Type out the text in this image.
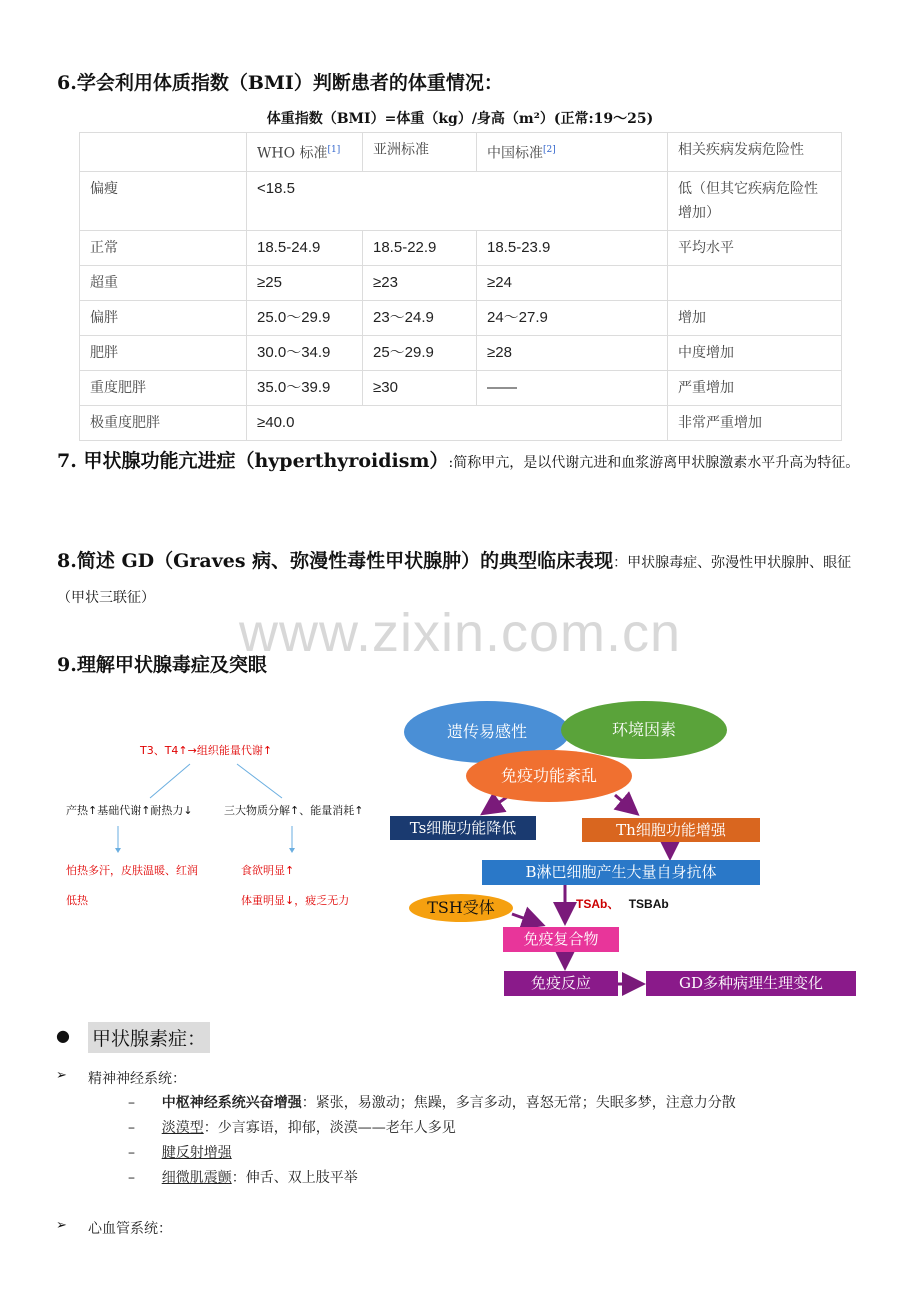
6.学会利用体质指数（BMI）判断患者的体重情况：
体重指数（BMI）=体重（kg）/身高（m²）(正常:19～25)
	WHO 标准[1]	亚洲标准	中国标准[2]	相关疾病发病危险性
偏瘦	<18.5			低（但其它疾病危险性增加）
正常	18.5-24.9	18.5-22.9	18.5-23.9	平均水平
超重	≥25	≥23	≥24	
偏胖	25.0～29.9	23～24.9	24～27.9	增加
肥胖	30.0～34.9	25～29.9	≥28	中度增加
重度肥胖	35.0～39.9	≥30	——	严重增加
极重度肥胖	≥40.0			非常严重增加
7. 甲状腺功能亢进症（hyperthyroidism）:简称甲亢，是以代谢亢进和血浆游离甲状腺激素水平升高为特征。
8.简述 GD（Graves 病、弥漫性毒性甲状腺肿）的典型临床表现：甲状腺毒症、弥漫性甲状腺肿、眼征（甲状三联征）
www.zixin.com.cn
9.理解甲状腺毒症及突眼
T3、T4↑→组织能量代谢↑
产热↑基础代谢↑耐热力↓	三大物质分解↑、能量消耗↑
怕热多汗，皮肤温暖、红润
低热
食欲明显↑
体重明显↓，疲乏无力
遗传易感性	环境因素
免疫功能紊乱
Ts细胞功能降低	Th细胞功能增强
B淋巴细胞产生大量自身抗体
TSH受体	TSAb、 TSBAb
免疫复合物
免疫反应	GD多种病理生理变化
● 甲状腺素症：
➢ 精神神经系统：
–      中枢神经系统兴奋增强：紧张，易激动；焦躁，多言多动，喜怒无常；失眠多梦，注意力分散
–      淡漠型：少言寡语，抑郁，淡漠——老年人多见
–      腱反射增强
–      细微肌震颤：伸舌、双上肢平举
➢ 心血管系统：
